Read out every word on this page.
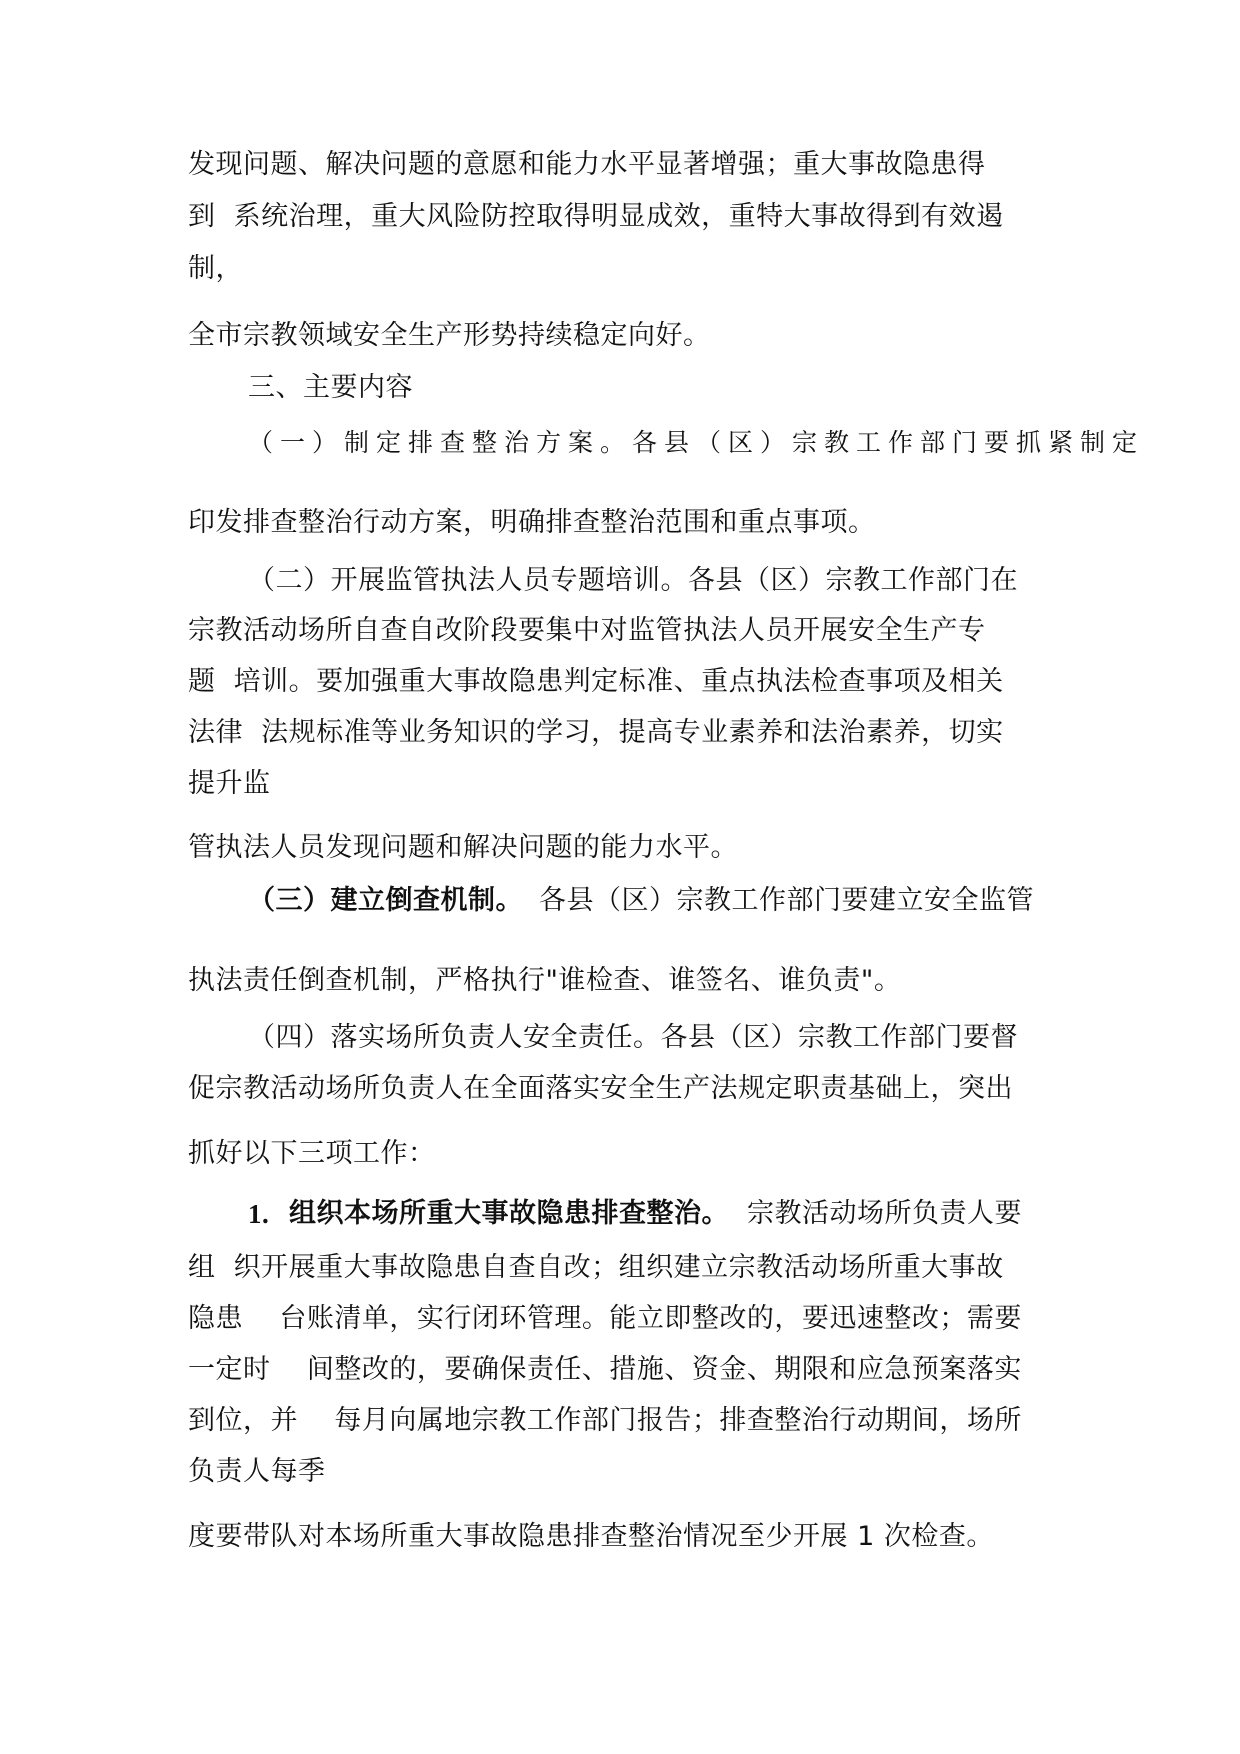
发现问题、解决问题的意愿和能力水平显著增强；重大事故隐患得
到  系统治理，重大风险防控取得明显成效，重特大事故得到有效遏
制，
全市宗教领域安全生产形势持续稳定向好。
三、主要内容
（一）制定排查整治方案。各县（区）宗教工作部门要抓紧制定
印发排查整治行动方案，明确排查整治范围和重点事项。
（二）开展监管执法人员专题培训。各县（区）宗教工作部门在
宗教活动场所自查自改阶段要集中对监管执法人员开展安全生产专
题  培训。要加强重大事故隐患判定标准、重点执法检查事项及相关
法律  法规标准等业务知识的学习，提高专业素养和法治素养，切实
提升监
管执法人员发现问题和解决问题的能力水平。
（三）建立倒查机制。 各县（区）宗教工作部门要建立安全监管
执法责任倒查机制，严格执行"谁检查、谁签名、谁负责"。
（四）落实场所负责人安全责任。各县（区）宗教工作部门要督
促宗教活动场所负责人在全面落实安全生产法规定职责基础上，突出
抓好以下三项工作：
1. 组织本场所重大事故隐患排查整治。 宗教活动场所负责人要
组  织开展重大事故隐患自查自改；组织建立宗教活动场所重大事故
隐患    台账清单，实行闭环管理。能立即整改的，要迅速整改；需要
一定时    间整改的，要确保责任、措施、资金、期限和应急预案落实
到位，并    每月向属地宗教工作部门报告；排查整治行动期间，场所
负责人每季
度要带队对本场所重大事故隐患排查整治情况至少开展 1 次检查。
